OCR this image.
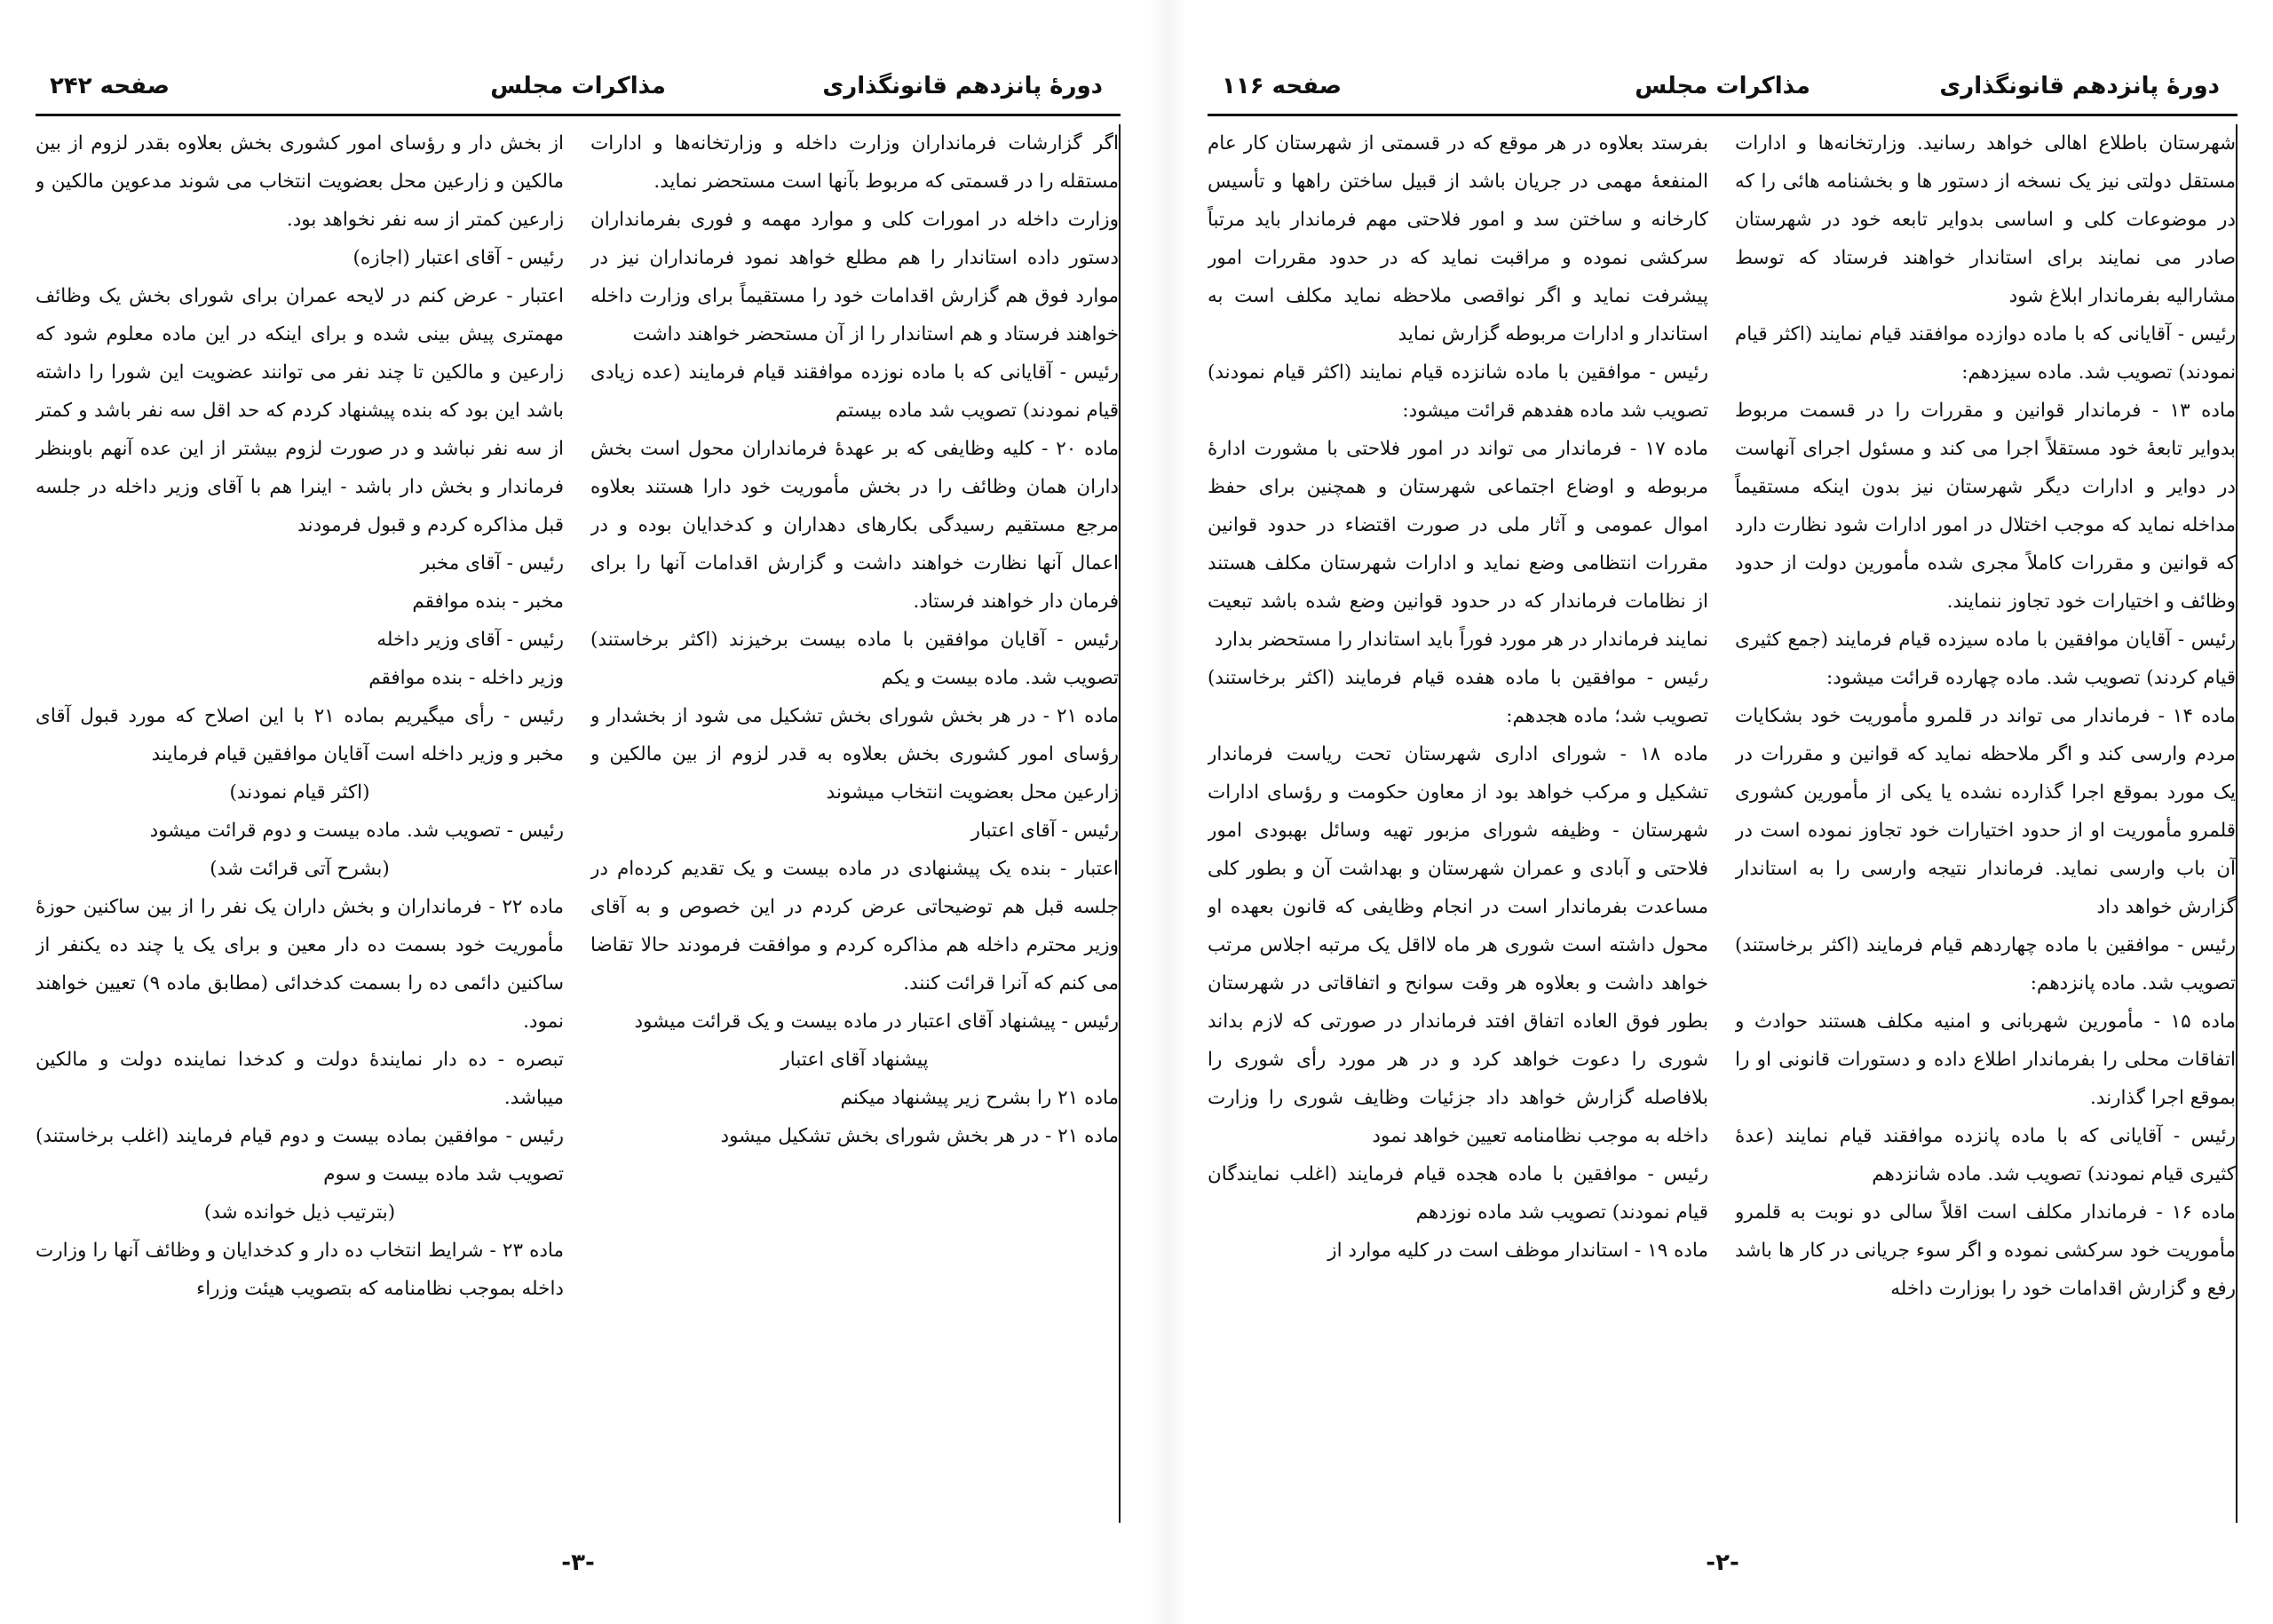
دورهٔ پانزدهم قانونگذاری
مذاکرات مجلس
صفحه ۲۴۲

اگر گزارشات فرمانداران وزارت داخله و وزارتخانه‌ها و ادارات مستقله را در قسمتی که مربوط بآنها است مستحضر نماید.

وزارت داخله در امورات کلی و موارد مهمه و فوری بفرمانداران دستور داده استاندار را هم مطلع خواهد نمود فرمانداران نیز در موارد فوق هم گزارش اقدامات خود را مستقیماً برای وزارت داخله خواهند فرستاد و هم استاندار را از آن مستحضر خواهند داشت

رئیس - آقایانی که با ماده نوزده موافقند قیام فرمایند (عده زیادی قیام نمودند) تصویب شد ماده بیستم

ماده ۲۰ - کلیه وظایفی که بر عهدهٔ فرمانداران محول است بخش داران همان وظائف را در بخش مأموریت خود دارا هستند بعلاوه مرجع مستقیم رسیدگی بکارهای دهداران و کدخدایان بوده و در اعمال آنها نظارت خواهند داشت و گزارش اقدامات آنها را برای فرمان دار خواهند فرستاد.

رئیس - آقایان موافقین با ماده بیست برخیزند (اکثر برخاستند) تصویب شد. ماده بیست و یکم

ماده ۲۱ - در هر بخش شورای بخش تشکیل می شود از بخشدار و رؤسای امور کشوری بخش بعلاوه به قدر لزوم از بین مالکین و زارعین محل بعضویت انتخاب میشوند

رئیس - آقای اعتبار

اعتبار - بنده یک پیشنهادی در ماده بیست و یک تقدیم کرده‌ام در جلسه قبل هم توضیحاتی عرض کردم در این خصوص و به آقای وزیر محترم داخله هم مذاکره کردم و موافقت فرمودند حالا تقاضا می کنم که آنرا قرائت کنند.

رئیس - پیشنهاد آقای اعتبار در ماده بیست و یک قرائت میشود

پیشنهاد آقای اعتبار

ماده ۲۱ را بشرح زیر پیشنهاد میکنم

ماده ۲۱ - در هر بخش شورای بخش تشکیل میشود

از بخش دار و رؤسای امور کشوری بخش بعلاوه بقدر لزوم از بین مالکین و زارعین محل بعضویت انتخاب می شوند مدعوین مالکین و زارعین کمتر از سه نفر نخواهد بود.

رئیس - آقای اعتبار (اجازه)

اعتبار - عرض کنم در لایحه عمران برای شورای بخش یک وظائف مهمتری پیش بینی شده و برای اینکه در این ماده معلوم شود که زارعین و مالکین تا چند نفر می توانند عضویت این شورا را داشته باشد این بود که بنده پیشنهاد کردم که حد اقل سه نفر باشد و کمتر از سه نفر نباشد و در صورت لزوم بیشتر از این عده آنهم باوبنظر فرماندار و بخش دار باشد - اینرا هم با آقای وزیر داخله در جلسه قبل مذاکره کردم و قبول فرمودند

رئیس - آقای مخبر

مخبر - بنده موافقم

رئیس - آقای وزیر داخله

وزیر داخله - بنده موافقم

رئیس - رأی میگیریم بماده ۲۱ با این اصلاح که مورد قبول آقای مخبر و وزیر داخله است آقایان موافقین قیام فرمایند

(اکثر قیام نمودند)

رئیس - تصویب شد. ماده بیست و دوم قرائت میشود

(بشرح آتی قرائت شد)

ماده ۲۲ - فرمانداران و بخش داران یک نفر را از بین ساکنین حوزهٔ مأموریت خود بسمت ده دار معین و برای یک یا چند ده یکنفر از ساکنین دائمی ده را بسمت کدخدائی (مطابق ماده ۹) تعیین خواهند نمود.

تبصره - ده دار نمایندهٔ دولت و کدخدا نماینده دولت و مالکین میباشد.

رئیس - موافقین بماده بیست و دوم قیام فرمایند (اغلب برخاستند) تصویب شد ماده بیست و سوم

(بترتیب ذیل خوانده شد)

ماده ۲۳ - شرایط انتخاب ده دار و کدخدایان و وظائف آنها را وزارت داخله بموجب نظامنامه که بتصویب هیئت وزراء

-۳-
دورهٔ پانزدهم قانونگذاری
مذاکرات مجلس
صفحه ۱۱۶

شهرستان باطلاع اهالی خواهد رسانید. وزارتخانه‌ها و ادارات مستقل دولتی نیز یک نسخه از دستور ها و بخشنامه هائی را که در موضوعات کلی و اساسی بدوایر تابعه خود در شهرستان صادر می نمایند برای استاندار خواهند فرستاد که توسط مشارالیه بفرماندار ابلاغ شود

رئیس - آقایانی که با ماده دوازده موافقند قیام نمایند (اکثر قیام نمودند) تصویب شد. ماده سیزدهم:

ماده ۱۳ - فرماندار قوانین و مقررات را در قسمت مربوط بدوایر تابعهٔ خود مستقلاً اجرا می کند و مسئول اجرای آنهاست در دوایر و ادارات دیگر شهرستان نیز بدون اینکه مستقیماً مداخله نماید که موجب اختلال در امور ادارات شود نظارت دارد که قوانین و مقررات کاملاً مجری شده مأمورین دولت از حدود وظائف و اختیارات خود تجاوز ننمایند.

رئیس - آقایان موافقین با ماده سیزده قیام فرمایند (جمع کثیری قیام کردند) تصویب شد. ماده چهارده قرائت میشود:

ماده ۱۴ - فرماندار می تواند در قلمرو مأموریت خود بشکایات مردم وارسی کند و اگر ملاحظه نماید که قوانین و مقررات در یک مورد بموقع اجرا گذارده نشده یا یکی از مأمورین کشوری قلمرو مأموریت او از حدود اختیارات خود تجاوز نموده است در آن باب وارسی نماید. فرماندار نتیجه وارسی را به استاندار گزارش خواهد داد

رئیس - موافقین با ماده چهاردهم قیام فرمایند (اکثر برخاستند) تصویب شد. ماده پانزدهم:

ماده ۱۵ - مأمورین شهربانی و امنیه مکلف هستند حوادث و اتفاقات محلی را بفرماندار اطلاع داده و دستورات قانونی او را بموقع اجرا گذارند.

رئیس - آقایانی که با ماده پانزده موافقند قیام نمایند (عدهٔ کثیری قیام نمودند) تصویب شد. ماده شانزدهم

ماده ۱۶ - فرماندار مکلف است اقلاً سالی دو نوبت به قلمرو مأموریت خود سرکشی نموده و اگر سوء جریانی در کار ها باشد رفع و گزارش اقدامات خود را بوزارت داخله

بفرستد بعلاوه در هر موقع که در قسمتی از شهرستان کار عام المنفعهٔ مهمی در جریان باشد از قبیل ساختن راهها و تأسیس کارخانه و ساختن سد و امور فلاحتی مهم فرماندار باید مرتباً سرکشی نموده و مراقبت نماید که در حدود مقررات امور پیشرفت نماید و اگر نواقصی ملاحظه نماید مکلف است به استاندار و ادارات مربوطه گزارش نماید

رئیس - موافقین با ماده شانزده قیام نمایند (اکثر قیام نمودند) تصویب شد ماده هفدهم قرائت میشود:

ماده ۱۷ - فرماندار می تواند در امور فلاحتی با مشورت ادارهٔ مربوطه و اوضاع اجتماعی شهرستان و همچنین برای حفظ اموال عمومی و آثار ملی در صورت اقتضاء در حدود قوانین مقررات انتظامی وضع نماید و ادارات شهرستان مکلف هستند از نظامات فرماندار که در حدود قوانین وضع شده باشد تبعیت نمایند فرماندار در هر مورد فوراً باید استاندار را مستحضر بدارد

رئیس - موافقین با ماده هفده قیام فرمایند (اکثر برخاستند) تصویب شد؛ ماده هجدهم:

ماده ۱۸ - شورای اداری شهرستان تحت ریاست فرماندار تشکیل و مرکب خواهد بود از معاون حکومت و رؤسای ادارات شهرستان - وظیفه شورای مزبور تهیه وسائل بهبودی امور فلاحتی و آبادی و عمران شهرستان و بهداشت آن و بطور کلی مساعدت بفرماندار است در انجام وظایفی که قانون بعهده او محول داشته است شوری هر ماه لااقل یک مرتبه اجلاس مرتب خواهد داشت و بعلاوه هر وقت سوانح و اتفاقاتی در شهرستان بطور فوق العاده اتفاق افتد فرماندار در صورتی که لازم بداند شوری را دعوت خواهد کرد و در هر مورد رأی شوری را بلافاصله گزارش خواهد داد جزئیات وظایف شوری را وزارت داخله به موجب نظامنامه تعیین خواهد نمود

رئیس - موافقین با ماده هجده قیام فرمایند (اغلب نمایندگان قیام نمودند) تصویب شد ماده نوزدهم

ماده ۱۹ - استاندار موظف است در کلیه موارد از

-۲-
